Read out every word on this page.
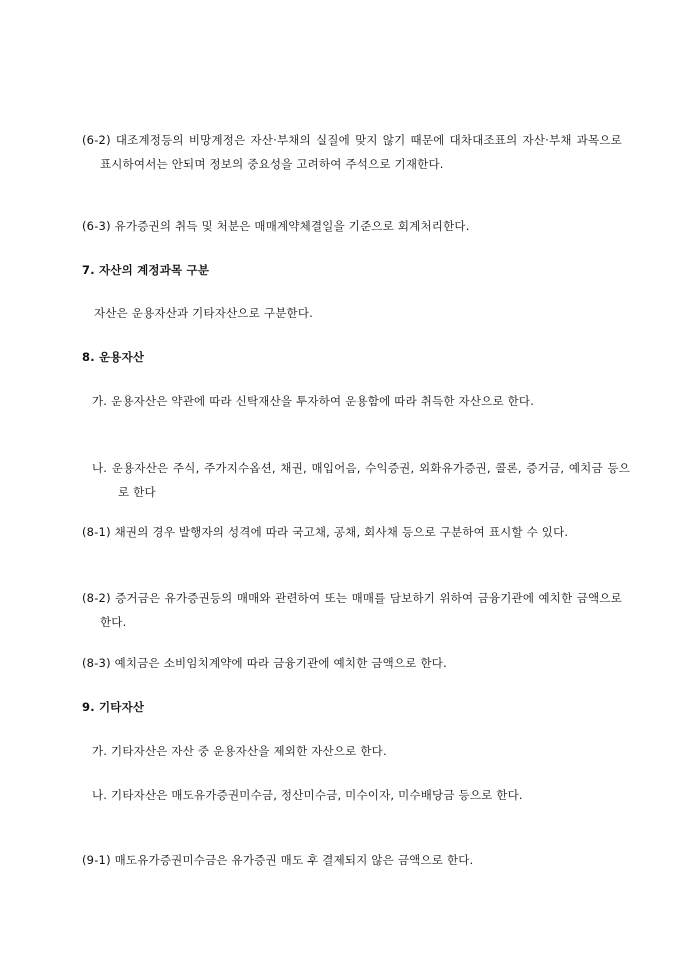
(6-2) 대조계정등의 비망계정은 자산·부채의 실질에 맞지 않기 때문에 대차대조표의 자산·부채 과목으로 표시하여서는 안되며 정보의 중요성을 고려하여 주석으로 기재한다.

(6-3) 유가증권의 취득 및 처분은 매매계약체결일을 기준으로 회계처리한다.

7. 자산의 계정과목 구분

자산은 운용자산과 기타자산으로 구분한다.

8. 운용자산

가. 운용자산은 약관에 따라 신탁재산을 투자하여 운용함에 따라 취득한 자산으로 한다.

나. 운용자산은 주식, 주가지수옵션, 채권, 매입어음, 수익증권, 외화유가증권, 콜론, 증거금, 예치금 등으로 한다

(8-1) 채권의 경우 발행자의 성격에 따라 국고채, 공채, 회사채 등으로 구분하여 표시할 수 있다.

(8-2) 증거금은 유가증권등의 매매와 관련하여 또는 매매를 담보하기 위하여 금융기관에 예치한 금액으로 한다.

(8-3) 예치금은 소비임치계약에 따라 금융기관에 예치한 금액으로 한다.

9. 기타자산

가. 기타자산은 자산 중 운용자산을 제외한 자산으로 한다.

나. 기타자산은 매도유가증권미수금, 정산미수금, 미수이자, 미수배당금 등으로 한다.

(9-1) 매도유가증권미수금은 유가증권 매도 후 결제되지 않은 금액으로 한다.
